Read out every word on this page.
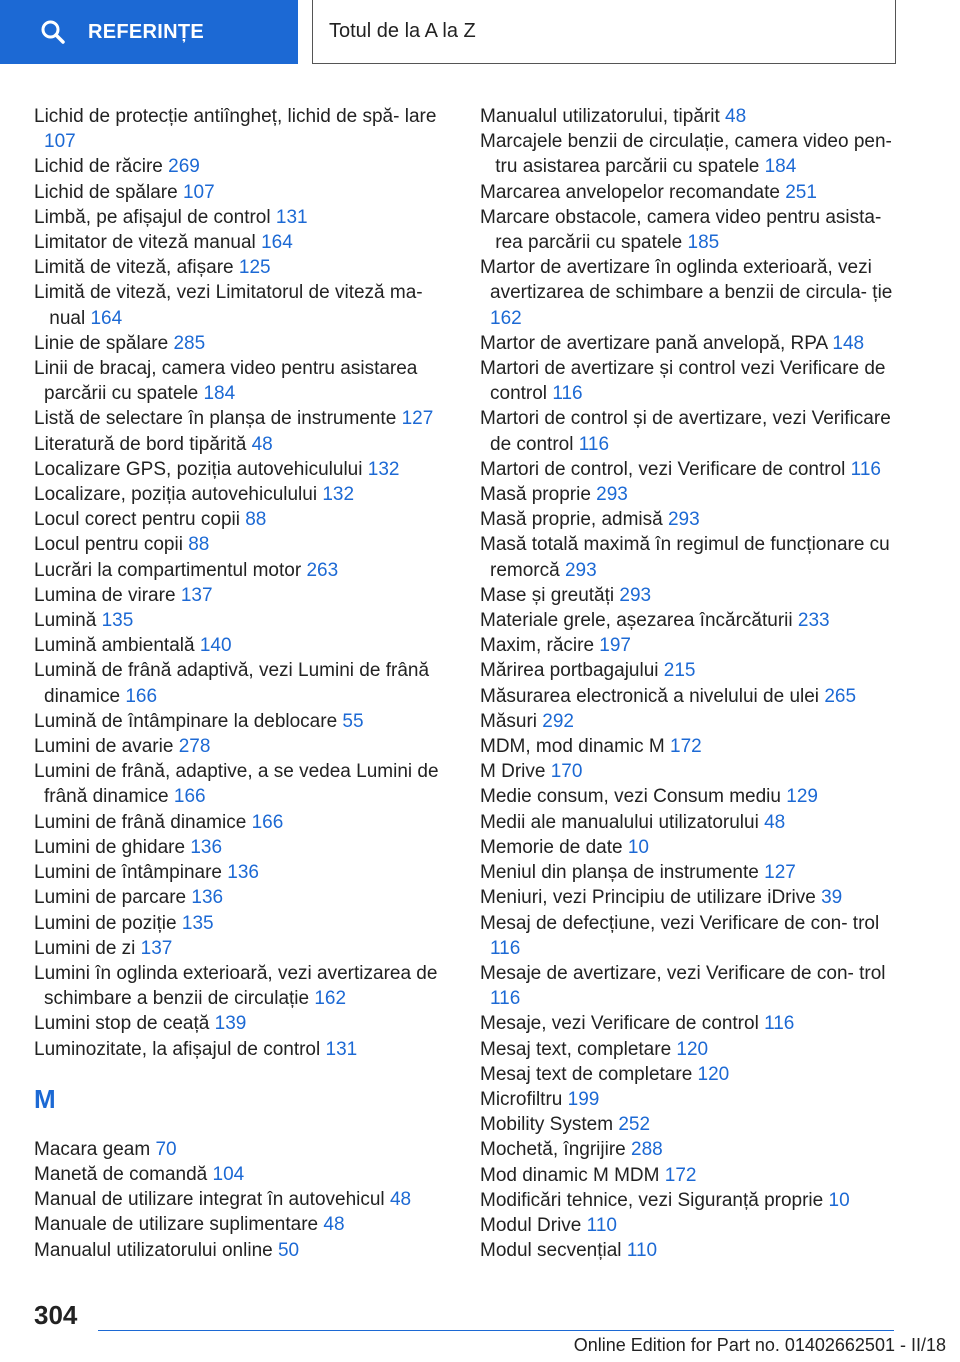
REFERINȚE	Totul de la A la Z

Lichid de protecție antiîngheț, lichid de spă‐ lare 107

Lichid de răcire 269

Lichid de spălare 107

Limbă, pe afișajul de control 131

Limitator de viteză manual 164

Limită de viteză, afișare 125

Limită de viteză, vezi Limitatorul de viteză ma‐ nual 164

Linie de spălare 285

Linii de bracaj, camera video pentru asistarea parcării cu spatele 184

Listă de selectare în planșa de instrumente 127

Literatură de bord tipărită 48

Localizare GPS, poziția autovehiculului 132

Localizare, poziția autovehiculului 132

Locul corect pentru copii 88

Locul pentru copii 88

Lucrări la compartimentul motor 263

Lumina de virare 137

Lumină 135

Lumină ambientală 140

Lumină de frână adaptivă, vezi Lumini de frână dinamice 166

Lumină de întâmpinare la deblocare 55

Lumini de avarie 278

Lumini de frână, adaptive, a se vedea Lumini de frână dinamice 166

Lumini de frână dinamice 166

Lumini de ghidare 136

Lumini de întâmpinare 136

Lumini de parcare 136

Lumini de poziție 135

Lumini de zi 137

Lumini în oglinda exterioară, vezi avertizarea de schimbare a benzii de circulație 162

Lumini stop de ceață 139

Luminozitate, la afișajul de control 131

M

Macara geam 70

Manetă de comandă 104

Manual de utilizare integrat în autovehicul 48

Manuale de utilizare suplimentare 48

Manualul utilizatorului online 50

Manualul utilizatorului, tipărit 48

Marcajele benzii de circulație, camera video pen‐ tru asistarea parcării cu spatele 184

Marcarea anvelopelor recomandate 251

Marcare obstacole, camera video pentru asista‐ rea parcării cu spatele 185

Martor de avertizare în oglinda exterioară, vezi avertizarea de schimbare a benzii de circula‐ ție 162

Martor de avertizare pană anvelopă, RPA 148

Martori de avertizare și control vezi Verificare de control 116

Martori de control și de avertizare, vezi Verificare de control 116

Martori de control, vezi Verificare de control 116

Masă proprie 293

Masă proprie, admisă 293

Masă totală maximă în regimul de funcționare cu remorcă 293

Mase și greutăți 293

Materiale grele, așezarea încărcăturii 233

Maxim, răcire 197

Mărirea portbagajului 215

Măsurarea electronică a nivelului de ulei 265

Măsuri 292

MDM, mod dinamic M 172

M Drive 170

Medie consum, vezi Consum mediu 129

Medii ale manualului utilizatorului 48

Memorie de date 10

Meniul din planșa de instrumente 127

Meniuri, vezi Principiu de utilizare iDrive 39

Mesaj de defecțiune, vezi Verificare de con‐ trol 116

Mesaje de avertizare, vezi Verificare de con‐ trol 116

Mesaje, vezi Verificare de control 116

Mesaj text, completare 120

Mesaj text de completare 120

Microfiltru 199

Mobility System 252

Mochetă, îngrijire 288

Mod dinamic M MDM 172

Modificări tehnice, vezi Siguranță proprie 10

Modul Drive 110

Modul secvențial 110

304
Online Edition for Part no. 01402662501 - II/18
